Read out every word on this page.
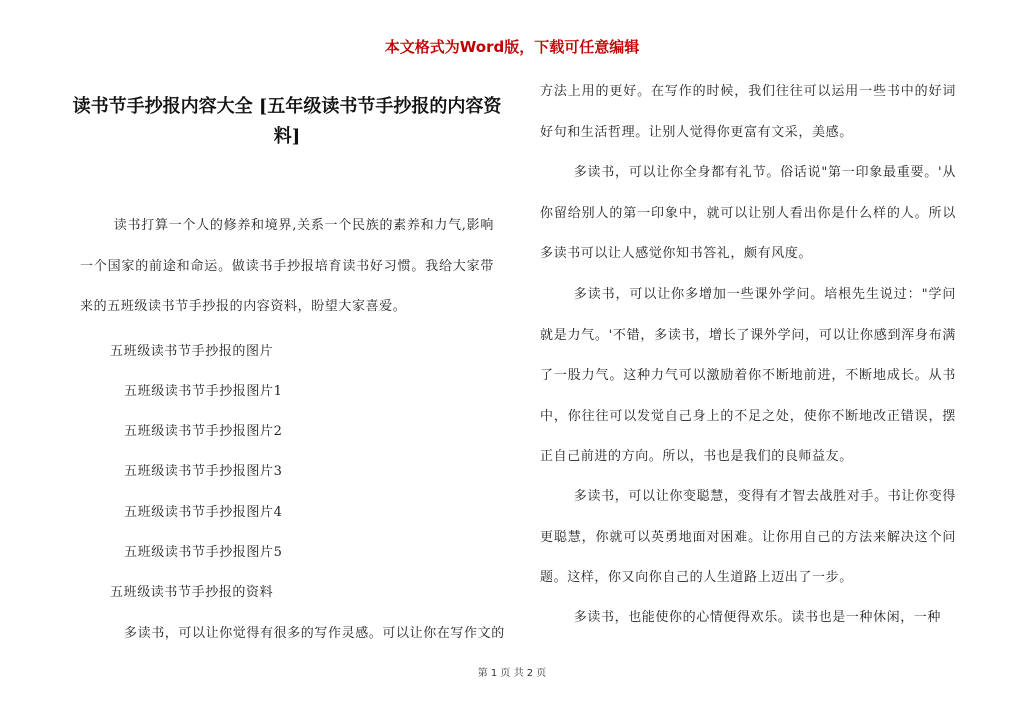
本文格式为Word版，下载可任意编辑
读书节手抄报内容大全 [五年级读书节手抄报的内容资料]
读书打算一个人的修养和境界,关系一个民族的素养和力气,影响一个国家的前途和命运。做读书手抄报培育读书好习惯。我给大家带来的五班级读书节手抄报的内容资料，盼望大家喜爱。
五班级读书节手抄报的图片
五班级读书节手抄报图片1
五班级读书节手抄报图片2
五班级读书节手抄报图片3
五班级读书节手抄报图片4
五班级读书节手抄报图片5
五班级读书节手抄报的资料
多读书，可以让你觉得有很多的写作灵感。可以让你在写作文的
方法上用的更好。在写作的时候，我们往往可以运用一些书中的好词好句和生活哲理。让别人觉得你更富有文采，美感。
多读书，可以让你全身都有礼节。俗话说"第一印象最重要。'从你留给别人的第一印象中，就可以让别人看出你是什么样的人。所以多读书可以让人感觉你知书答礼，颇有风度。
多读书，可以让你多增加一些课外学问。培根先生说过："学问就是力气。'不错，多读书，增长了课外学问，可以让你感到浑身布满了一股力气。这种力气可以激励着你不断地前进，不断地成长。从书中，你往往可以发觉自己身上的不足之处，使你不断地改正错误，摆正自己前进的方向。所以，书也是我们的良师益友。
多读书，可以让你变聪慧，变得有才智去战胜对手。书让你变得更聪慧，你就可以英勇地面对困难。让你用自己的方法来解决这个问题。这样，你又向你自己的人生道路上迈出了一步。
多读书，也能使你的心情便得欢乐。读书也是一种休闲，一种
第 1 页 共 2 页
